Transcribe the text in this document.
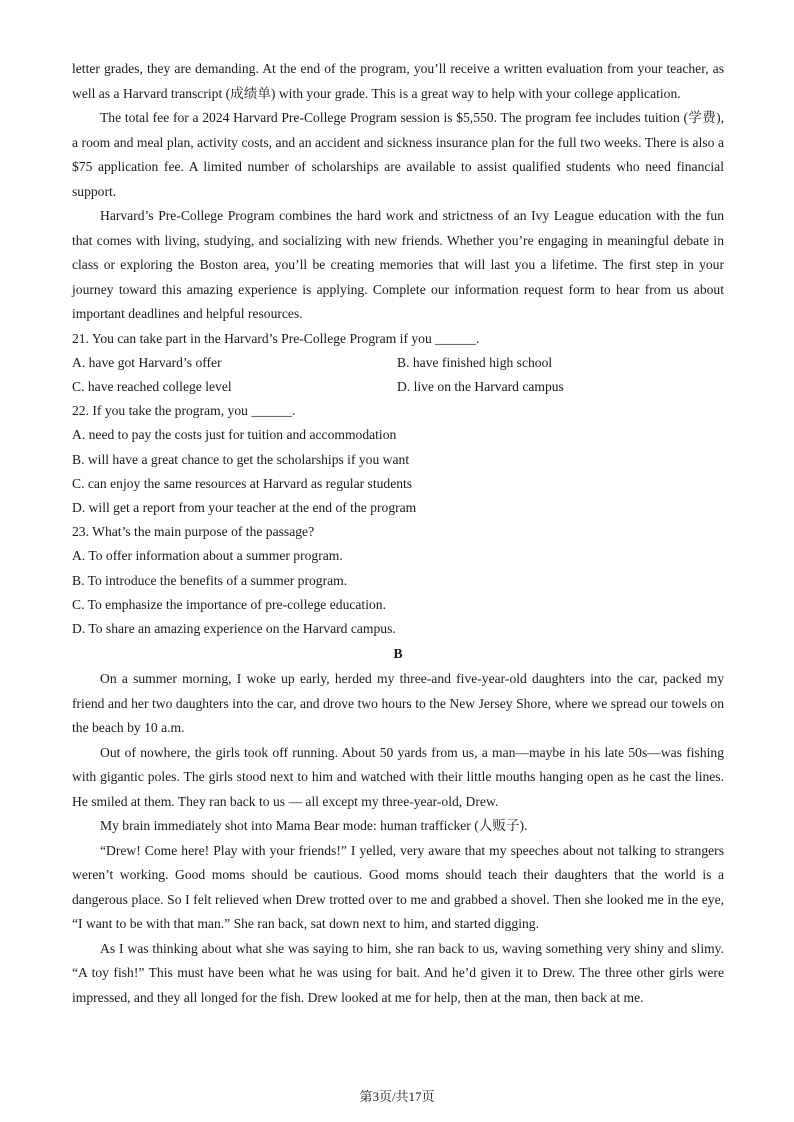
letter grades, they are demanding. At the end of the program, you’ll receive a written evaluation from your teacher, as well as a Harvard transcript (成绩单) with your grade. This is a great way to help with your college application.

The total fee for a 2024 Harvard Pre-College Program session is $5,550. The program fee includes tuition (学费), a room and meal plan, activity costs, and an accident and sickness insurance plan for the full two weeks. There is also a $75 application fee. A limited number of scholarships are available to assist qualified students who need financial support.

Harvard’s Pre-College Program combines the hard work and strictness of an Ivy League education with the fun that comes with living, studying, and socializing with new friends. Whether you’re engaging in meaningful debate in class or exploring the Boston area, you’ll be creating memories that will last you a lifetime. The first step in your journey toward this amazing experience is applying. Complete our information request form to hear from us about important deadlines and helpful resources.

21. You can take part in the Harvard’s Pre-College Program if you ______.

A. have got Harvard’s offer	B. have finished high school

C. have reached college level	D. live on the Harvard campus

22. If you take the program, you ______.

A. need to pay the costs just for tuition and accommodation

B. will have a great chance to get the scholarships if you want

C. can enjoy the same resources at Harvard as regular students

D. will get a report from your teacher at the end of the program

23. What’s the main purpose of the passage?

A. To offer information about a summer program.

B. To introduce the benefits of a summer program.

C. To emphasize the importance of pre-college education.

D. To share an amazing experience on the Harvard campus.

B

On a summer morning, I woke up early, herded my three-and five-year-old daughters into the car, packed my friend and her two daughters into the car, and drove two hours to the New Jersey Shore, where we spread our towels on the beach by 10 a.m.

Out of nowhere, the girls took off running. About 50 yards from us, a man—maybe in his late 50s—was fishing with gigantic poles. The girls stood next to him and watched with their little mouths hanging open as he cast the lines. He smiled at them. They ran back to us — all except my three-year-old, Drew.

My brain immediately shot into Mama Bear mode: human trafficker (人贩子).

“Drew! Come here! Play with your friends!” I yelled, very aware that my speeches about not talking to strangers weren’t working. Good moms should be cautious. Good moms should teach their daughters that the world is a dangerous place. So I felt relieved when Drew trotted over to me and grabbed a shovel. Then she looked me in the eye, “I want to be with that man.” She ran back, sat down next to him, and started digging.

As I was thinking about what she was saying to him, she ran back to us, waving something very shiny and slimy. “A toy fish!” This must have been what he was using for bait. And he’d given it to Drew. The three other girls were impressed, and they all longed for the fish. Drew looked at me for help, then at the man, then back at me.

第3页/共17页
